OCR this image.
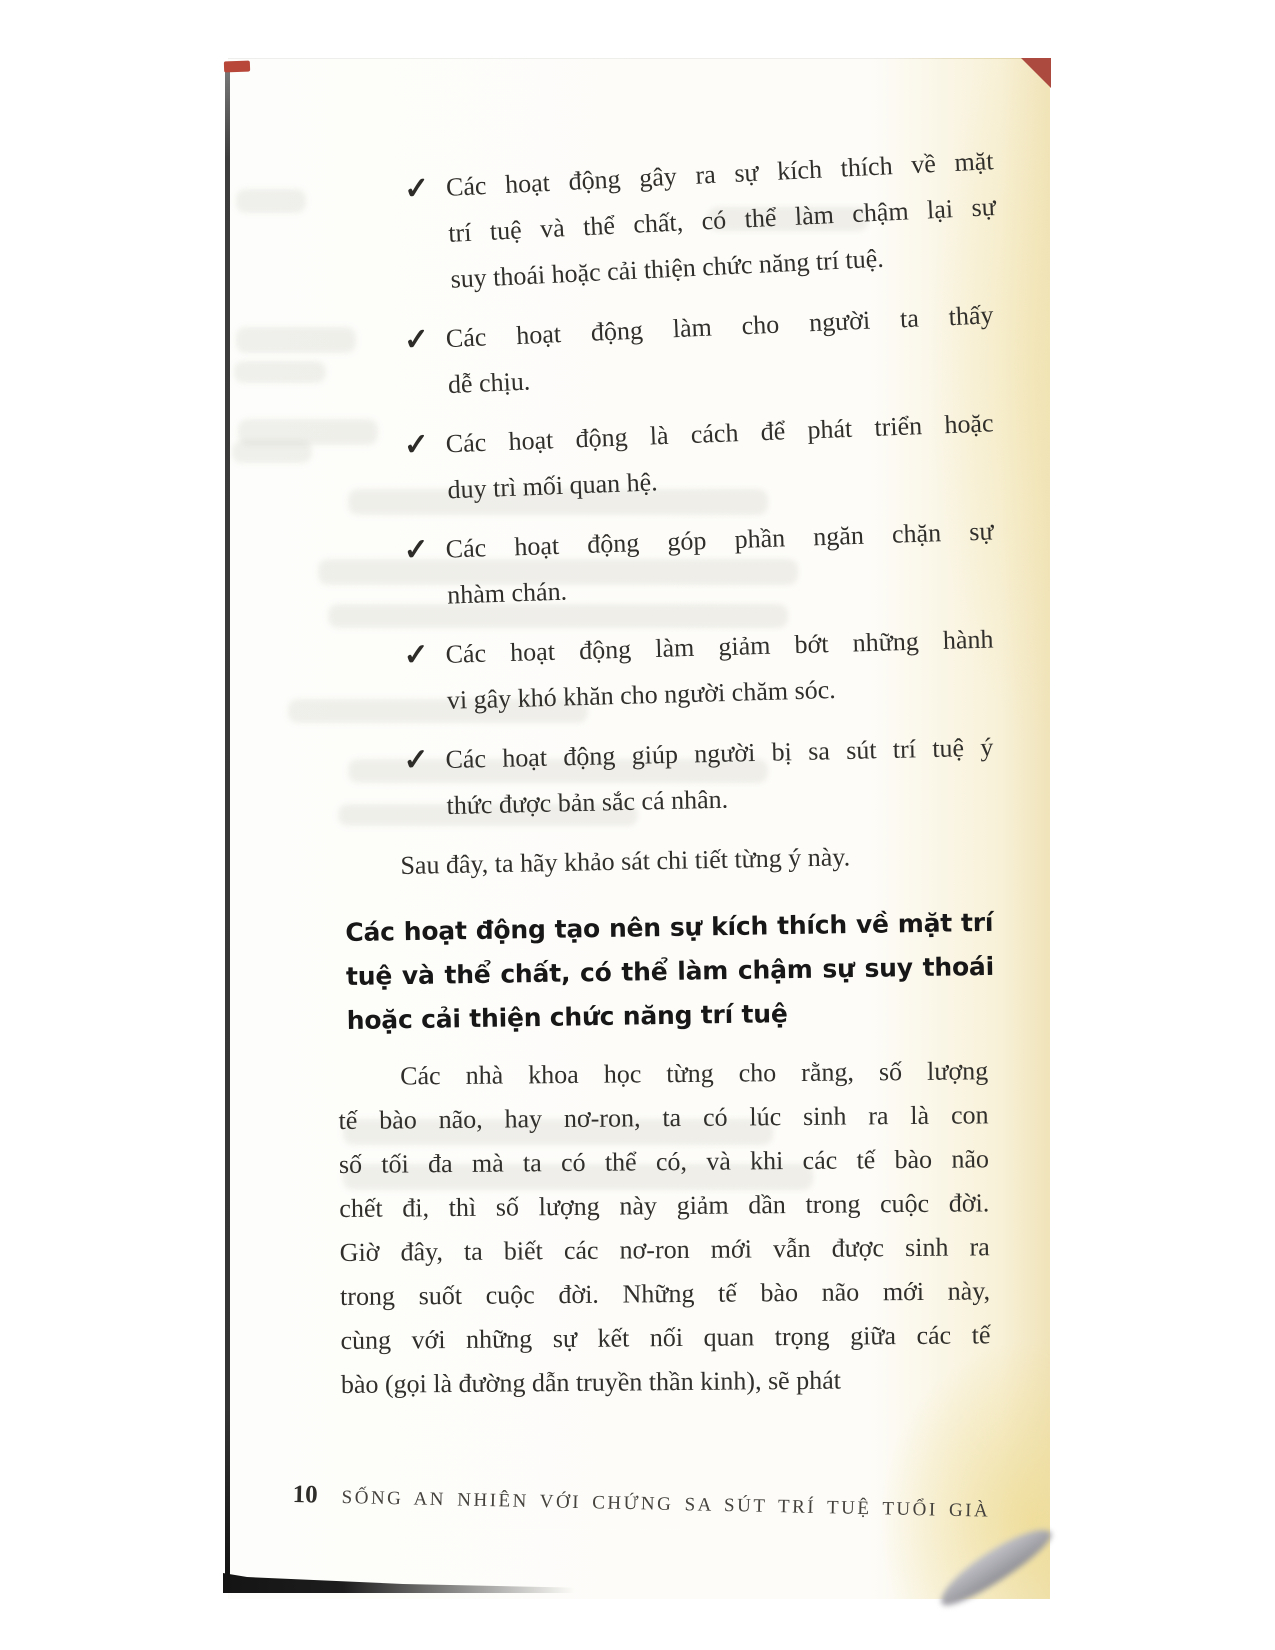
✓ Các hoạt động gây ra sự kích thích về mặt
trí tuệ và thể chất, có thể làm chậm lại sự
suy thoái hoặc cải thiện chức năng trí tuệ.
✓ Các hoạt động làm cho người ta thấy
dễ chịu.
✓ Các hoạt động là cách để phát triển hoặc
duy trì mối quan hệ.
✓ Các hoạt động góp phần ngăn chặn sự
nhàm chán.
✓ Các hoạt động làm giảm bớt những hành
vi gây khó khăn cho người chăm sóc.
✓ Các hoạt động giúp người bị sa sút trí tuệ ý
thức được bản sắc cá nhân.

Sau đây, ta hãy khảo sát chi tiết từng ý này.

Các hoạt động tạo nên sự kích thích về mặt trí
tuệ và thể chất, có thể làm chậm sự suy thoái
hoặc cải thiện chức năng trí tuệ

Các nhà khoa học từng cho rằng, số lượng
tế bào não, hay nơ-ron, ta có lúc sinh ra là con
số tối đa mà ta có thể có, và khi các tế bào não
chết đi, thì số lượng này giảm dần trong cuộc đời.
Giờ đây, ta biết các nơ-ron mới vẫn được sinh ra
trong suốt cuộc đời. Những tế bào não mới này,
cùng với những sự kết nối quan trọng giữa các tế
bào (gọi là đường dẫn truyền thần kinh), sẽ phát

10 SỐNG AN NHIÊN VỚI CHỨNG SA SÚT TRÍ TUỆ TUỔI GIÀ
